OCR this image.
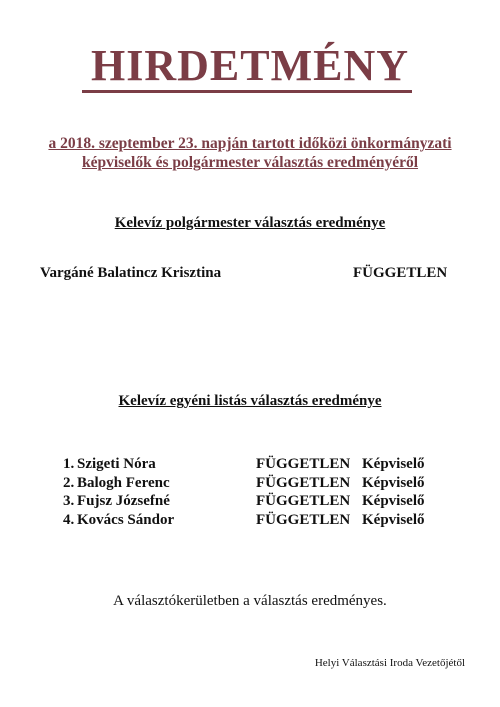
HIRDETMÉNY
a 2018. szeptember 23. napján tartott időközi önkormányzati
képviselők és polgármester választás eredményéről
Kelevíz polgármester választás eredménye
Vargáné Balatincz Krisztina	FÜGGETLEN
Kelevíz egyéni listás választás eredménye
1. Szigeti Nóra	FÜGGETLEN Képviselő
2. Balogh Ferenc	FÜGGETLEN Képviselő
3. Fujsz Józsefné	FÜGGETLEN Képviselő
4. Kovács Sándor	FÜGGETLEN Képviselő
A választókerületben a választás eredményes.
Helyi Választási Iroda Vezetőjétől
